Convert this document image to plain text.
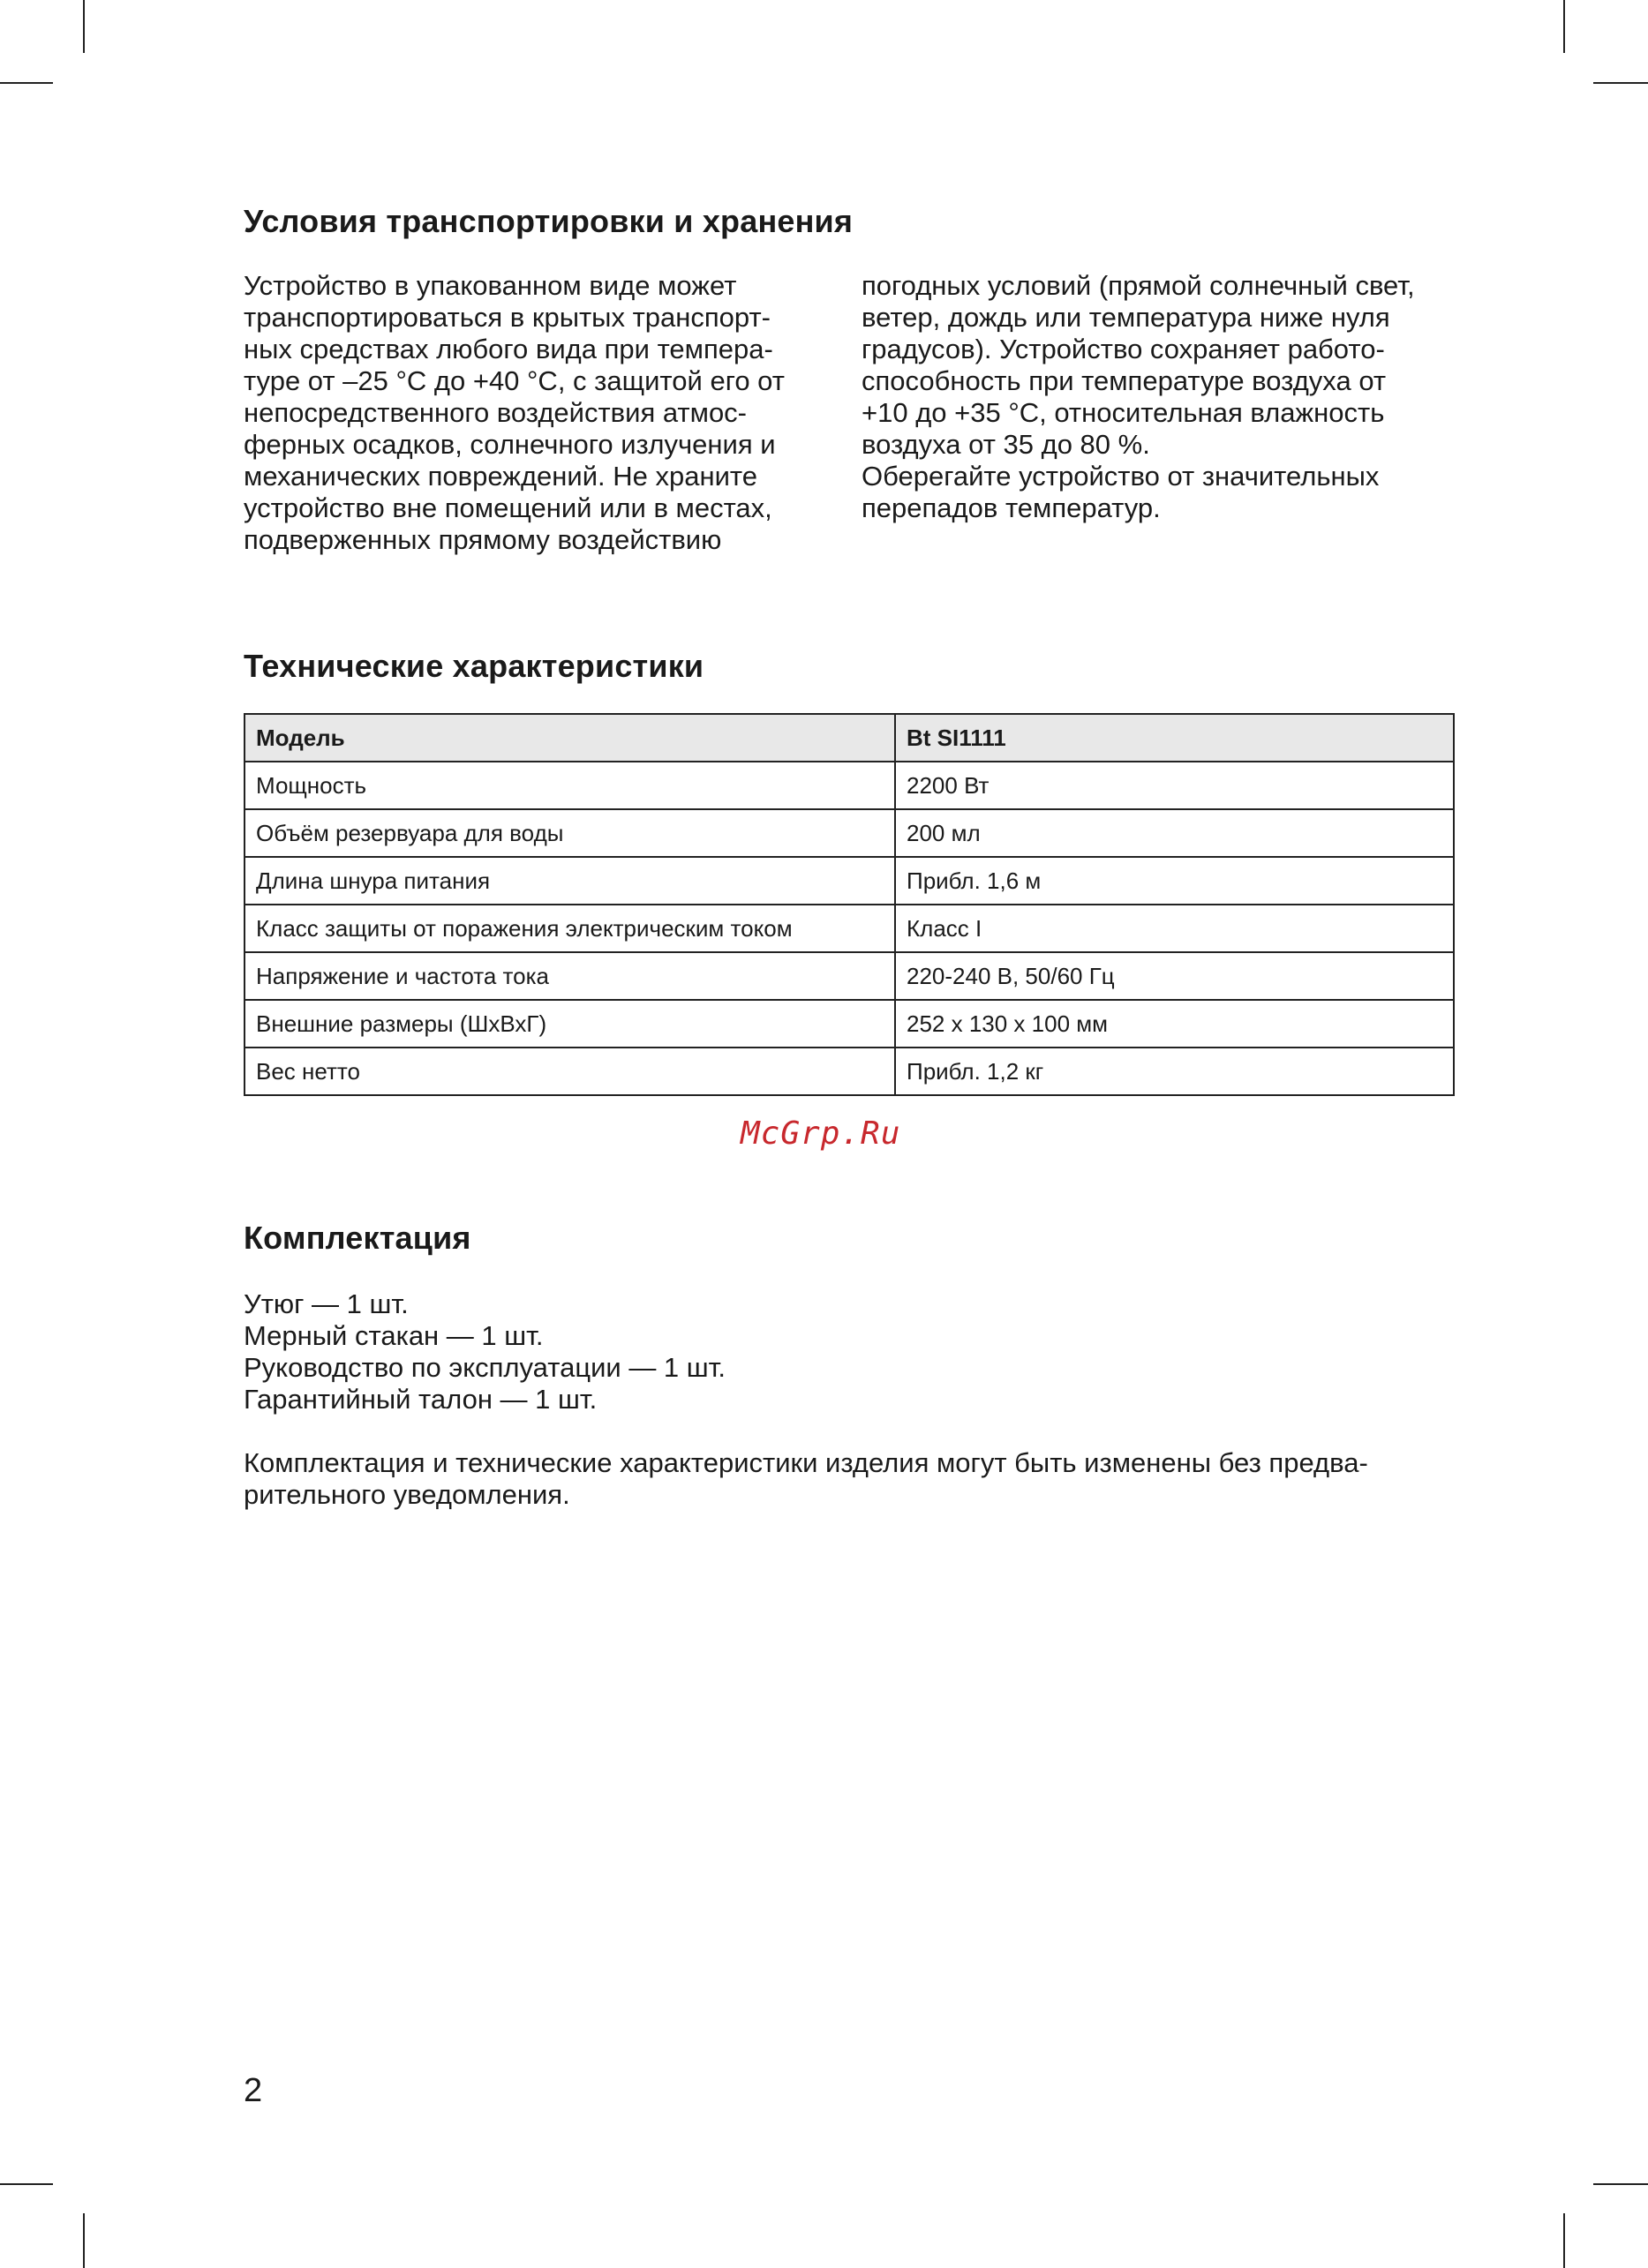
Условия транспортировки и хранения
Устройство в упакованном виде может
транспортироваться в крытых транспорт-
ных средствах любого вида при темпера-
туре от –25 °C до +40 °C, с защитой его от
непосредственного воздействия атмос-
ферных осадков, солнечного излучения и
механических повреждений. Не храните
устройство вне помещений или в местах,
подверженных прямому воздействию
погодных условий (прямой солнечный свет,
ветер, дождь или температура ниже нуля
градусов). Устройство сохраняет работо-
способность при температуре воздуха от
+10 до +35 °C, относительная влажность
воздуха от 35 до 80 %.
Оберегайте устройство от значительных
перепадов температур.
Технические характеристики
Модель	Bt SI1111
Мощность	2200 Вт
Объём резервуара для воды	200 мл
Длина шнура питания	Прибл. 1,6 м
Класс защиты от поражения электрическим током	Класс I
Напряжение и частота тока	220-240 В, 50/60 Гц
Внешние размеры (ШхВхГ)	252 х 130 х 100 мм
Вес нетто	Прибл. 1,2 кг
Комплектация
Утюг — 1 шт.
Мерный стакан — 1 шт.
Руководство по эксплуатации — 1 шт.
Гарантийный талон — 1 шт.
Комплектация и технические характеристики изделия могут быть изменены без предва-
рительного уведомления.
McGrp.Ru
2
